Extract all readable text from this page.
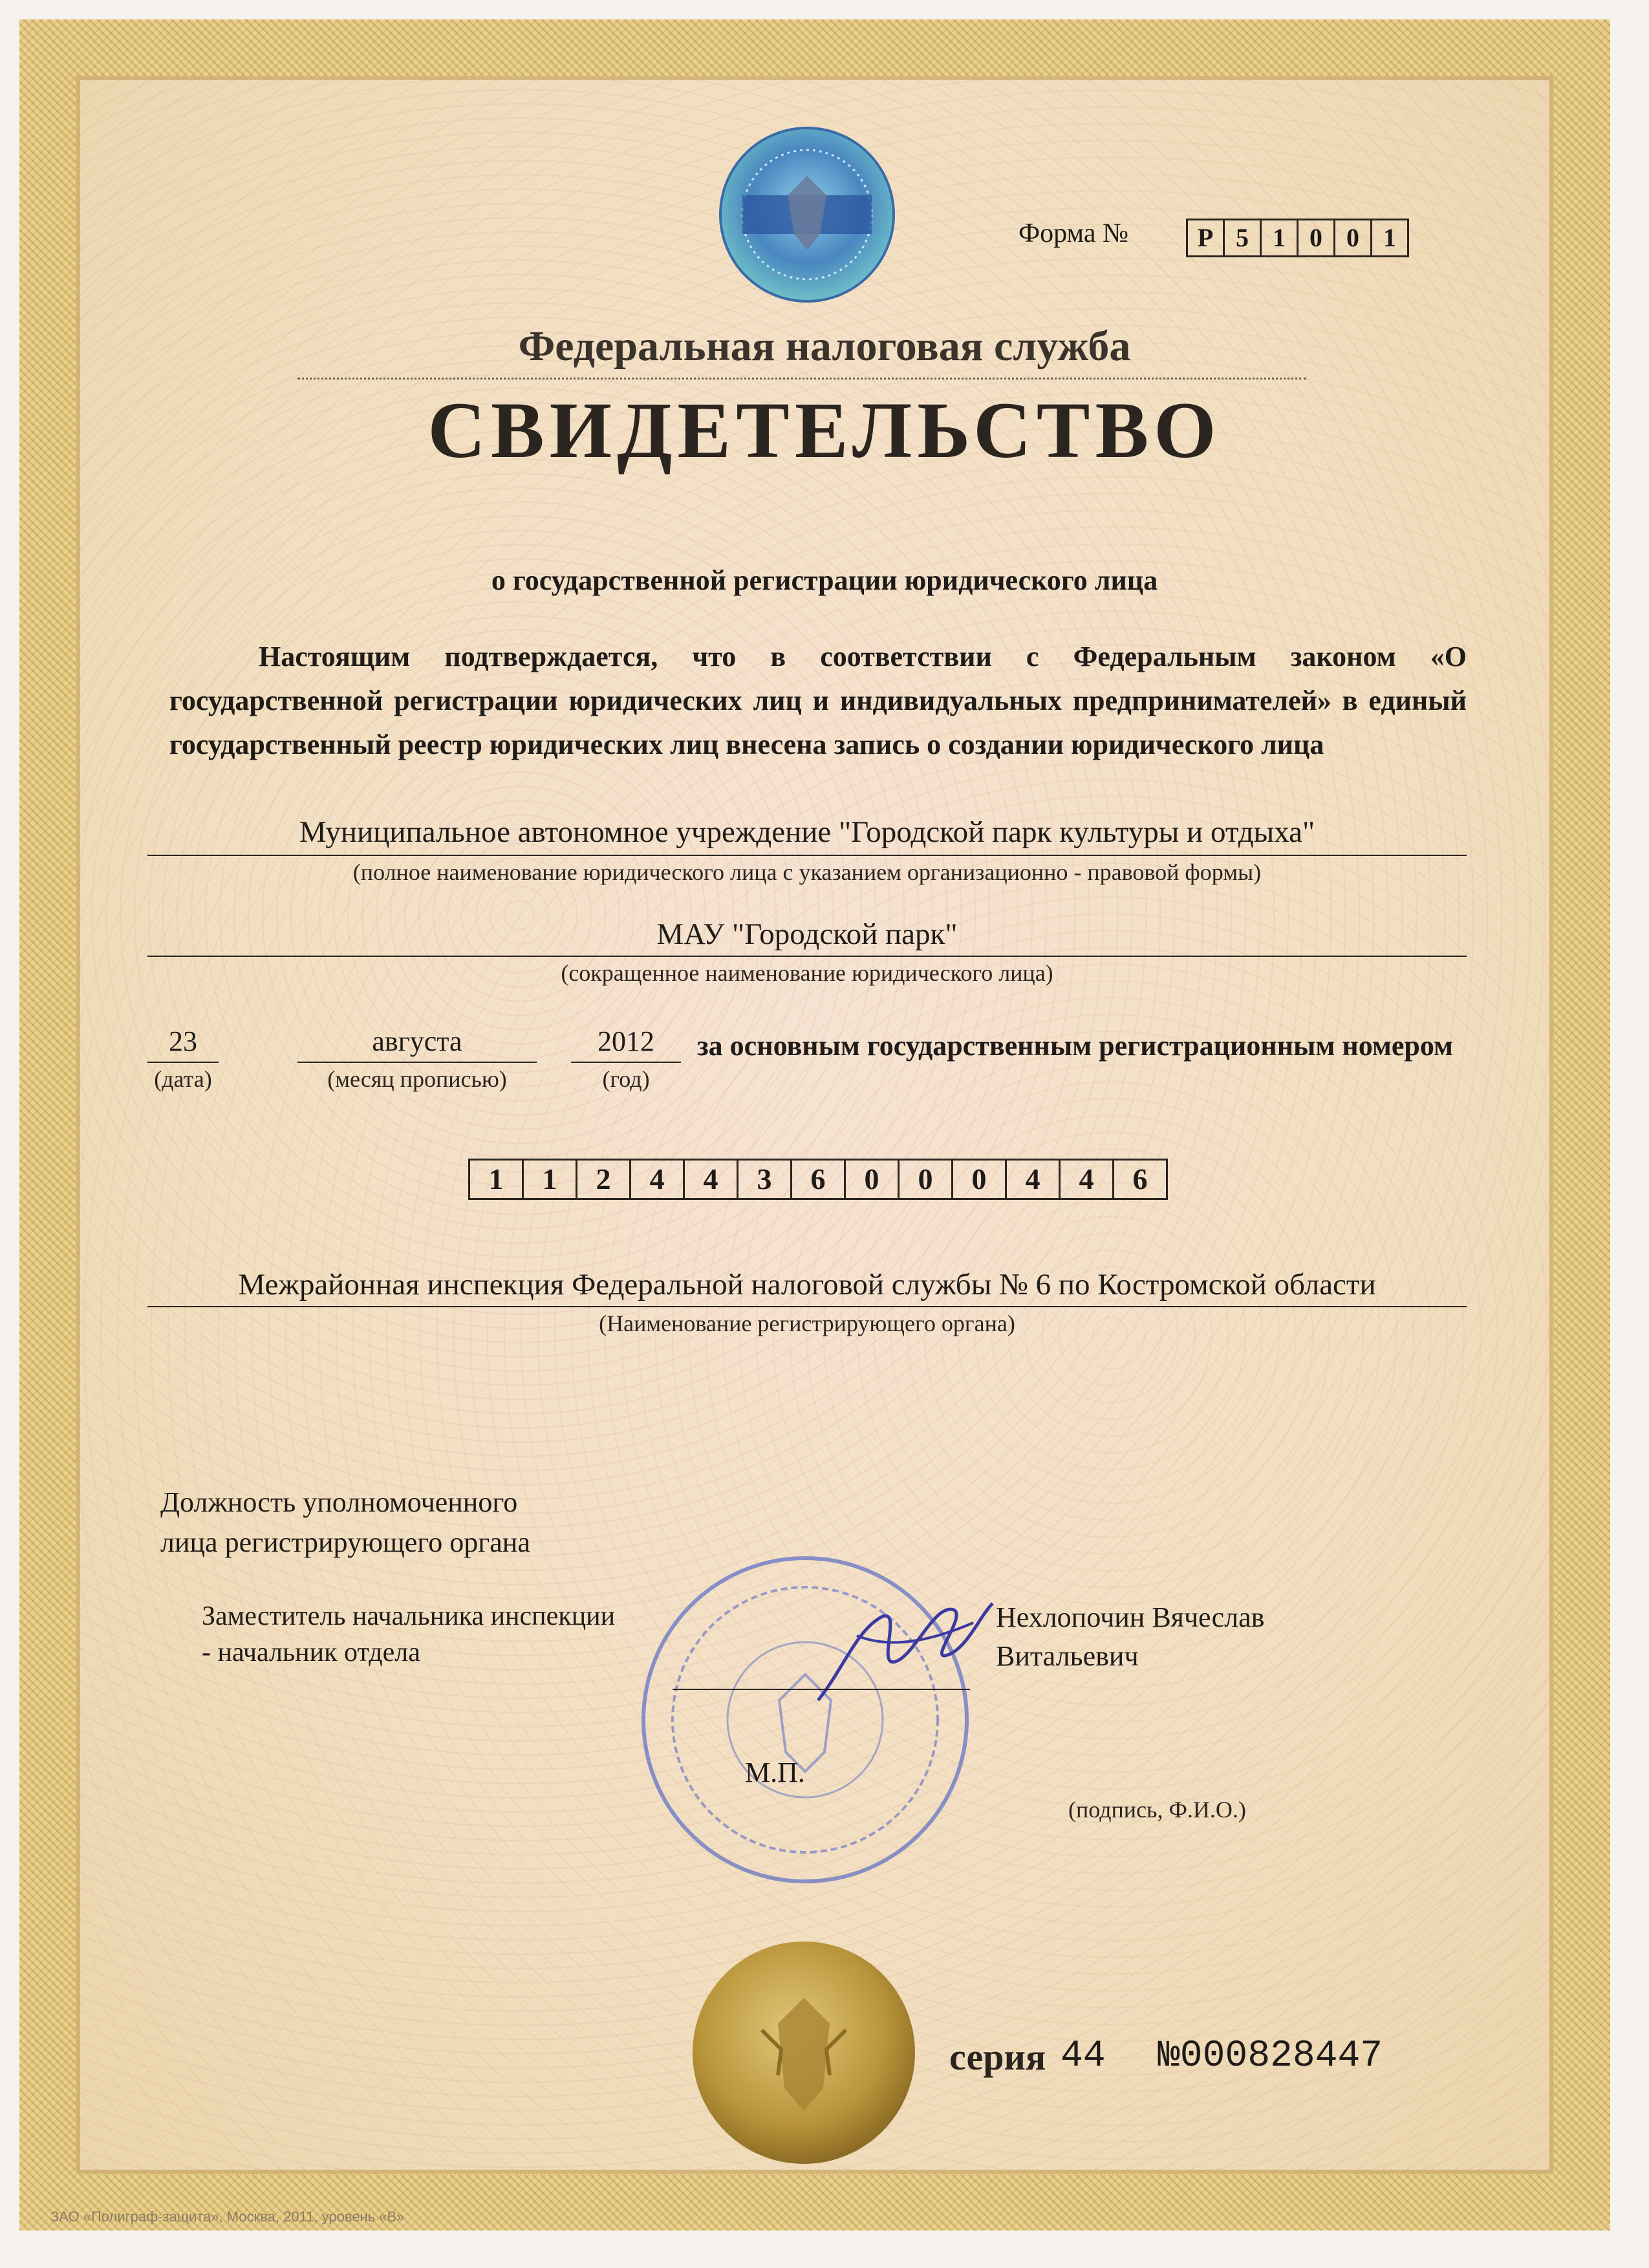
Форма №	Р 5 1 0 0 1
Федеральная налоговая служба
СВИДЕТЕЛЬСТВО
о государственной регистрации юридического лица
Настоящим подтверждается, что в соответствии с Федеральным законом «О государственной регистрации юридических лиц и индивидуальных предпринимателей» в единый государственный реестр юридических лиц внесена запись о создании юридического лица
Муниципальное автономное учреждение "Городской парк культуры и отдыха"
(полное наименование юридического лица с указанием организационно - правовой формы)
МАУ "Городской парк"
(сокращенное наименование юридического лица)
23
(дата)
августа
(месяц прописью)
2012
(год)
за основным государственным регистрационным номером
1	1	2	4	4	3	6	0	0	0	4	4	6
Межрайонная инспекция Федеральной налоговой службы № 6 по Костромской области
(Наименование регистрирующего органа)
Должность уполномоченного
лица регистрирующего органа
Заместитель начальника инспекции
- начальник отдела
Нехлопочин Вячеслав
Витальевич
М.П.
(подпись, Ф.И.О.)
серия 44 №000828447
ЗАО «Полиграф-защита», Москва, 2011, уровень «В»
